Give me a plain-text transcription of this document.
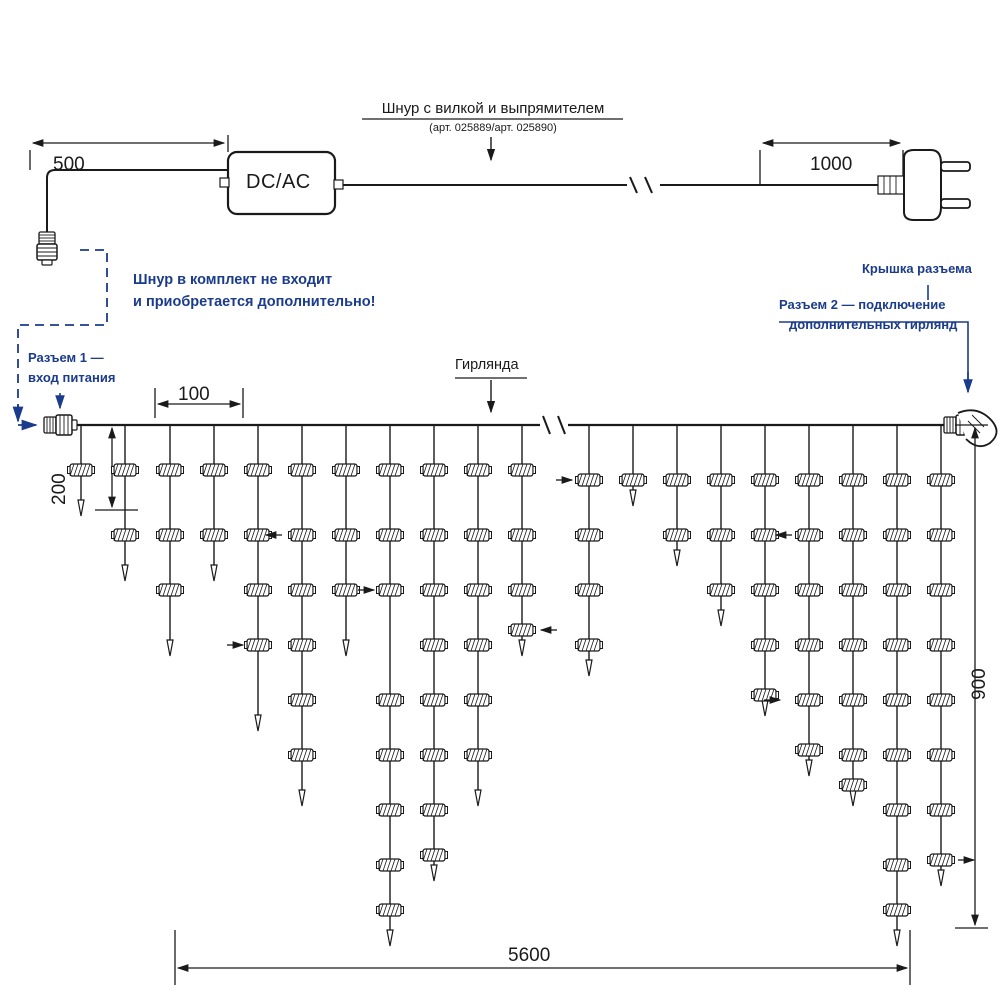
Шнур с вилкой и выпрямителем
(арт. 025889/арт. 025890)
DC/AC
500	1000
Шнур в комплект не входит
и приобретается дополнительно!
Разъем 1 —
вход питания
Крышка разъема
Разъем 2 — подключение
дополнительных гирлянд
Гирлянда
100
200
900
5600
